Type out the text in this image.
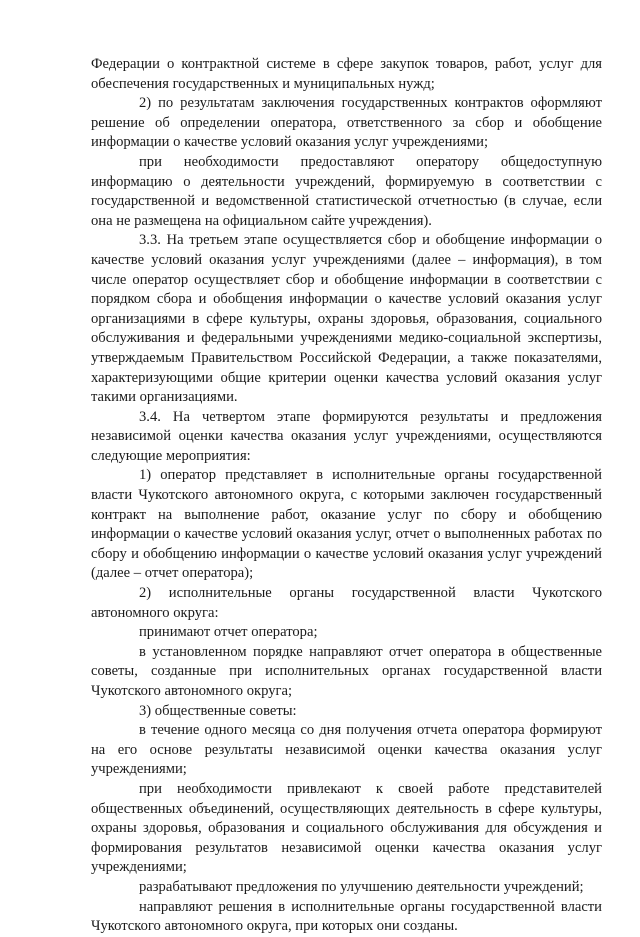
Федерации о контрактной системе в сфере закупок товаров, работ, услуг для обеспечения государственных и муниципальных нужд;

2) по результатам заключения государственных контрактов оформляют решение об определении оператора, ответственного за сбор и обобщение информации о качестве условий оказания услуг учреждениями;

при необходимости предоставляют оператору общедоступную информацию о деятельности учреждений, формируемую в соответствии с государственной и ведомственной статистической отчетностью (в случае, если она не размещена на официальном сайте учреждения).

3.3. На третьем этапе осуществляется сбор и обобщение информации о качестве условий оказания услуг учреждениями (далее – информация), в том числе оператор осуществляет сбор и обобщение информации в соответствии с порядком сбора и обобщения информации о качестве условий оказания услуг организациями в сфере культуры, охраны здоровья, образования, социального обслуживания и федеральными учреждениями медико-социальной экспертизы, утверждаемым Правительством Российской Федерации, а также показателями, характеризующими общие критерии оценки качества условий оказания услуг такими организациями.

3.4. На четвертом этапе формируются результаты и предложения независимой оценки качества оказания услуг учреждениями, осуществляются следующие мероприятия:

1) оператор представляет в исполнительные органы государственной власти Чукотского автономного округа, с которыми заключен государственный контракт на выполнение работ, оказание услуг по сбору и обобщению информации о качестве условий оказания услуг, отчет о выполненных работах по сбору и обобщению информации о качестве условий оказания услуг учреждений (далее – отчет оператора);

2) исполнительные органы государственной власти Чукотского автономного округа:

принимают отчет оператора;

в установленном порядке направляют отчет оператора в общественные советы, созданные при исполнительных органах государственной власти Чукотского автономного округа;

3) общественные советы:

в течение одного месяца со дня получения отчета оператора формируют на его основе результаты независимой оценки качества оказания услуг учреждениями;

при необходимости привлекают к своей работе представителей общественных объединений, осуществляющих деятельность в сфере культуры, охраны здоровья, образования и социального обслуживания для обсуждения и формирования результатов независимой оценки качества оказания услуг учреждениями;

разрабатывают предложения по улучшению деятельности учреждений;

направляют решения в исполнительные органы государственной власти Чукотского автономного округа, при которых они созданы.
